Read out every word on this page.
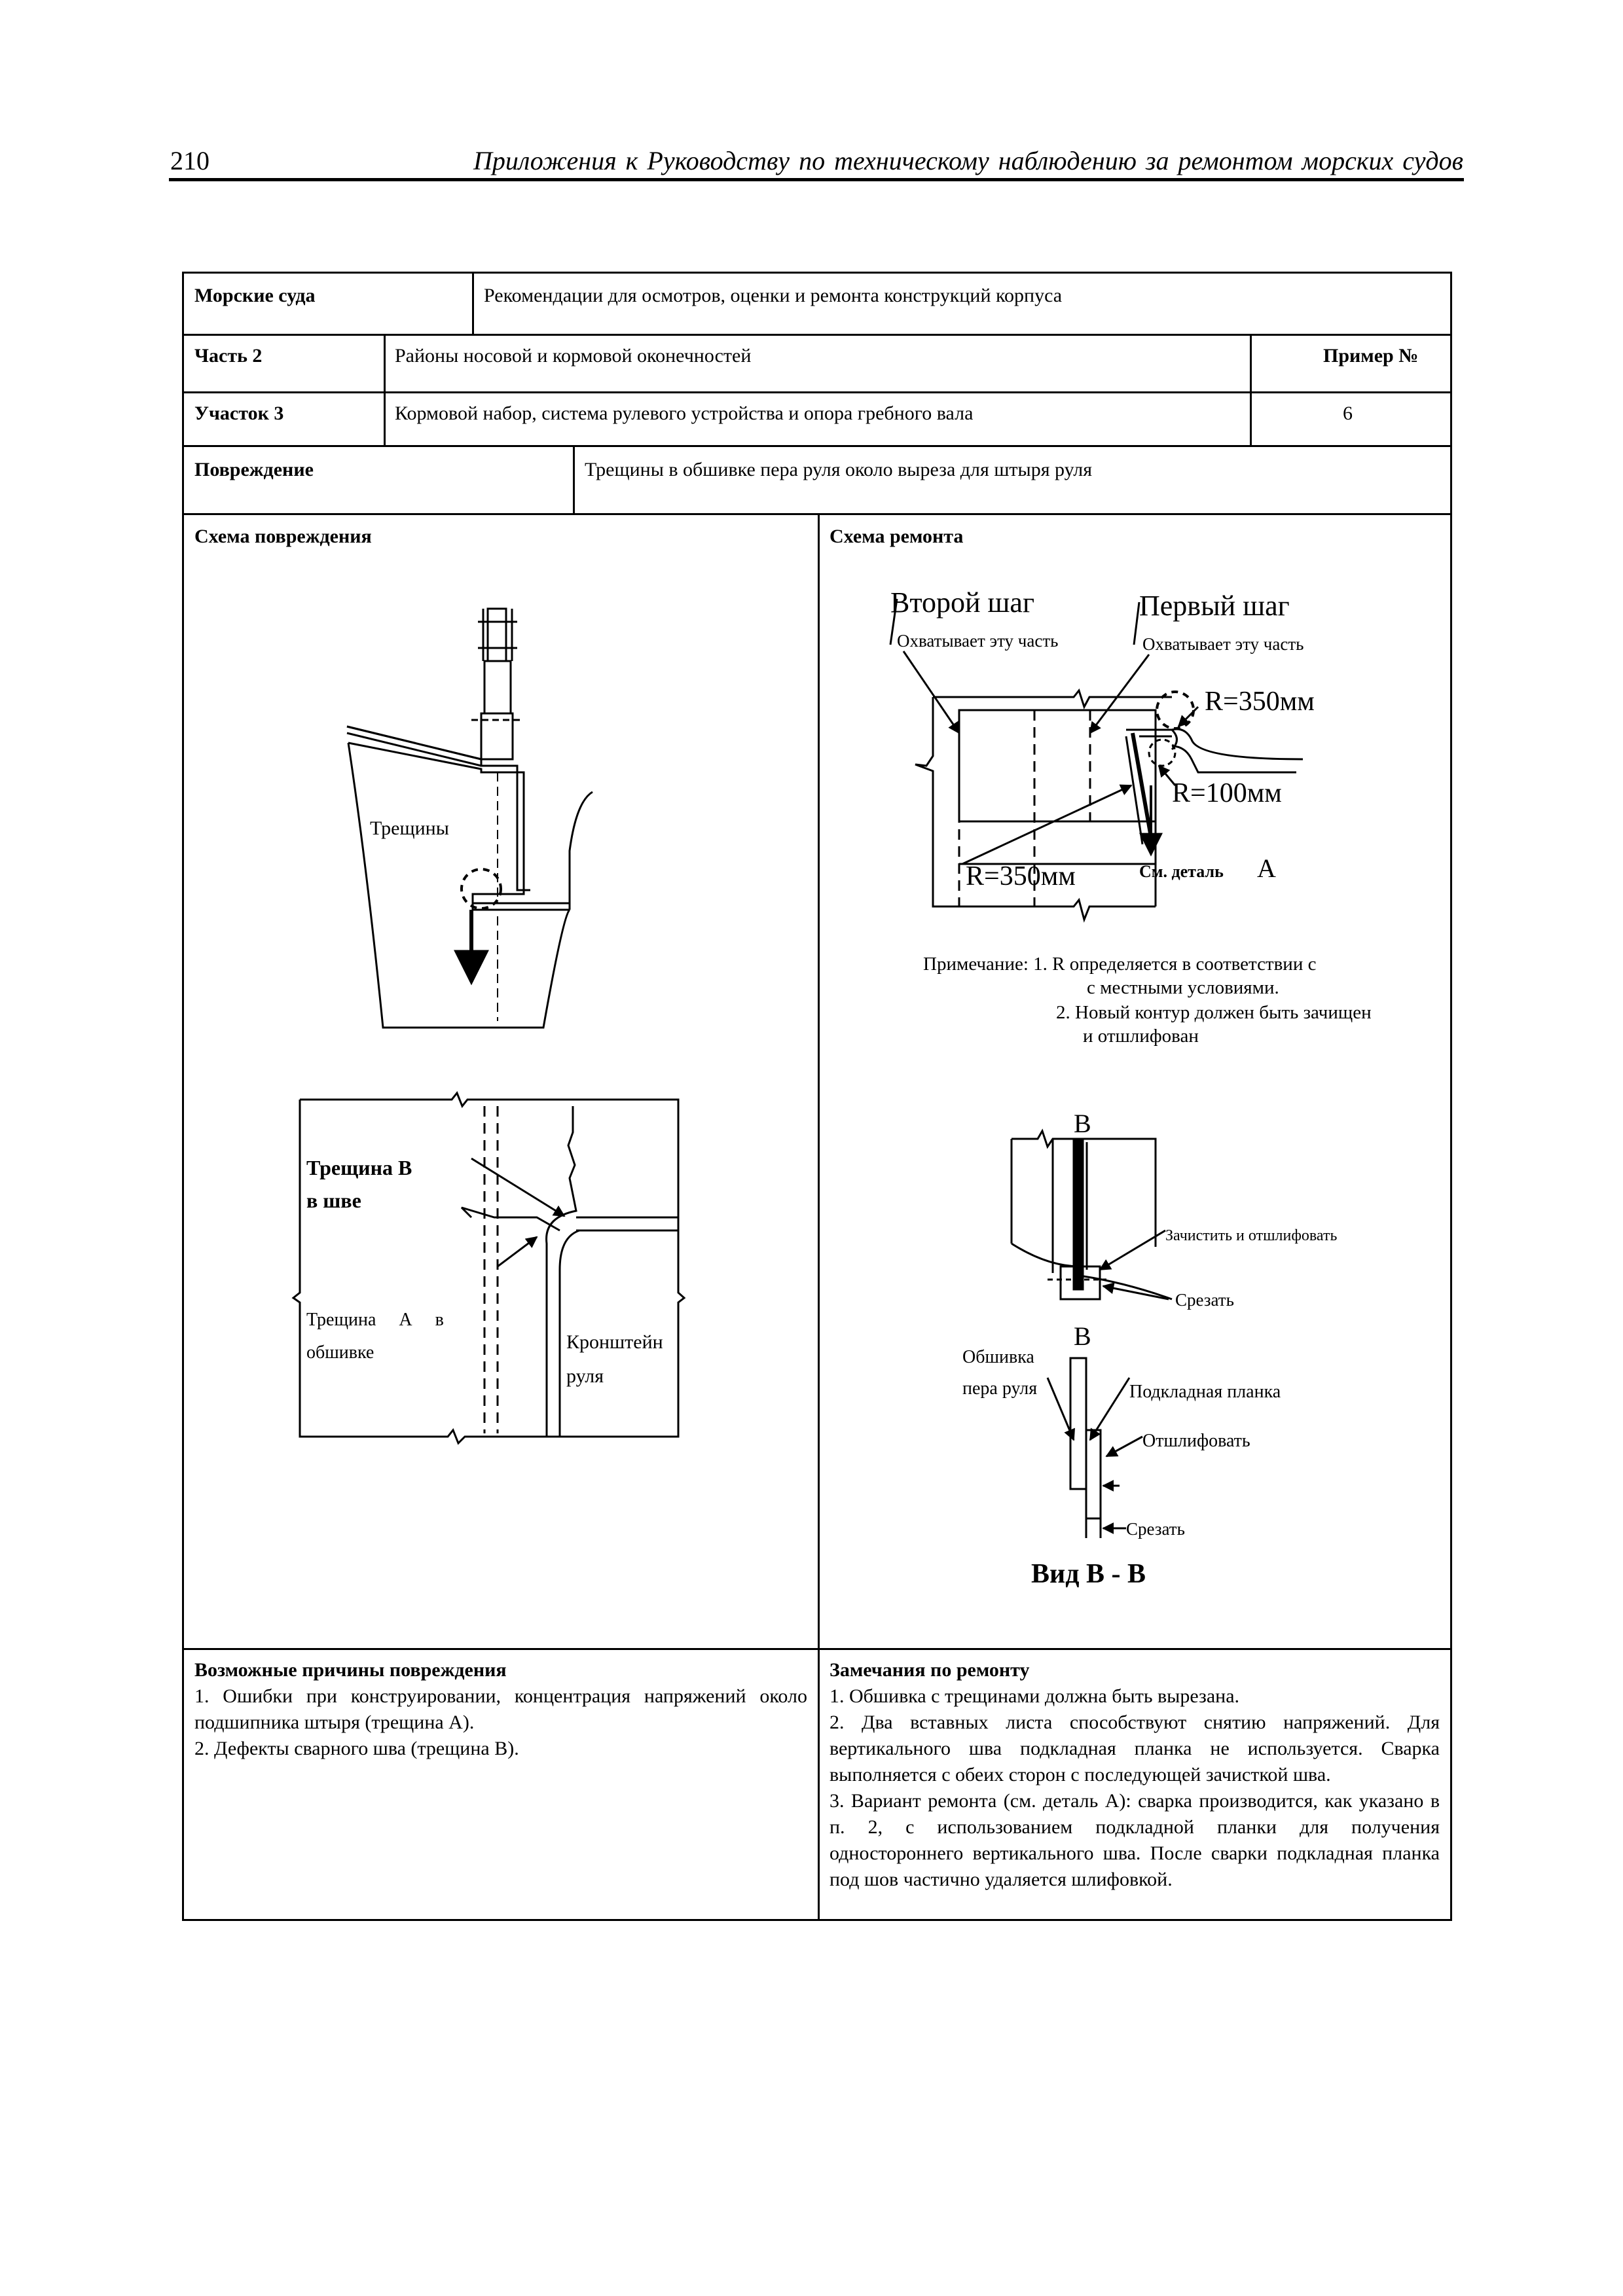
210	Приложения к Руководству по техническому наблюдению за ремонтом морских судов
Морские суда	Рекомендации для осмотров, оценки и ремонта конструкций корпуса
Часть 2	Районы носовой и кормовой оконечностей	Пример №
Участок 3	Кормовой набор, система рулевого устройства и опора гребного вала	6
Повреждение	Трещины в обшивке пера руля около выреза для штыря руля
Схема повреждения	Схема ремонта
Возможные причины повреждения
1. Ошибки при конструировании, концентрация напряжений около подшипника штыря (трещина А).
2. Дефекты сварного шва (трещина В).
Замечания по ремонту
1. Обшивка с трещинами должна быть вырезана.
2. Два вставных листа способствуют снятию напряжений. Для вертикального шва подкладная планка не используется. Сварка выполняется с обеих сторон с последующей зачисткой шва.
3. Вариант ремонта (см. деталь А): сварка производится, как указано в п. 2, с использованием подкладной планки для получения одностороннего вертикального шва. После сварки подкладная планка под шов частично удаляется шлифовкой.
Трещины
Трещина В
в шве
Трещина     А     в
обшивке	Кронштейн
руля
Второй шаг	Первый шаг
Охватывает эту часть	Охватывает эту часть
R=350мм
R=100мм
R=350мм	См. деталь A
Примечание: 1. R определяется в соответствии с
с местными условиями.
2. Новый контур должен быть зачищен
и отшлифован
B
Зачистить и отшлифовать
Срезать
B
Обшивка
пера руля	Подкладная планка
Отшлифовать
Срезать
Вид В - В
